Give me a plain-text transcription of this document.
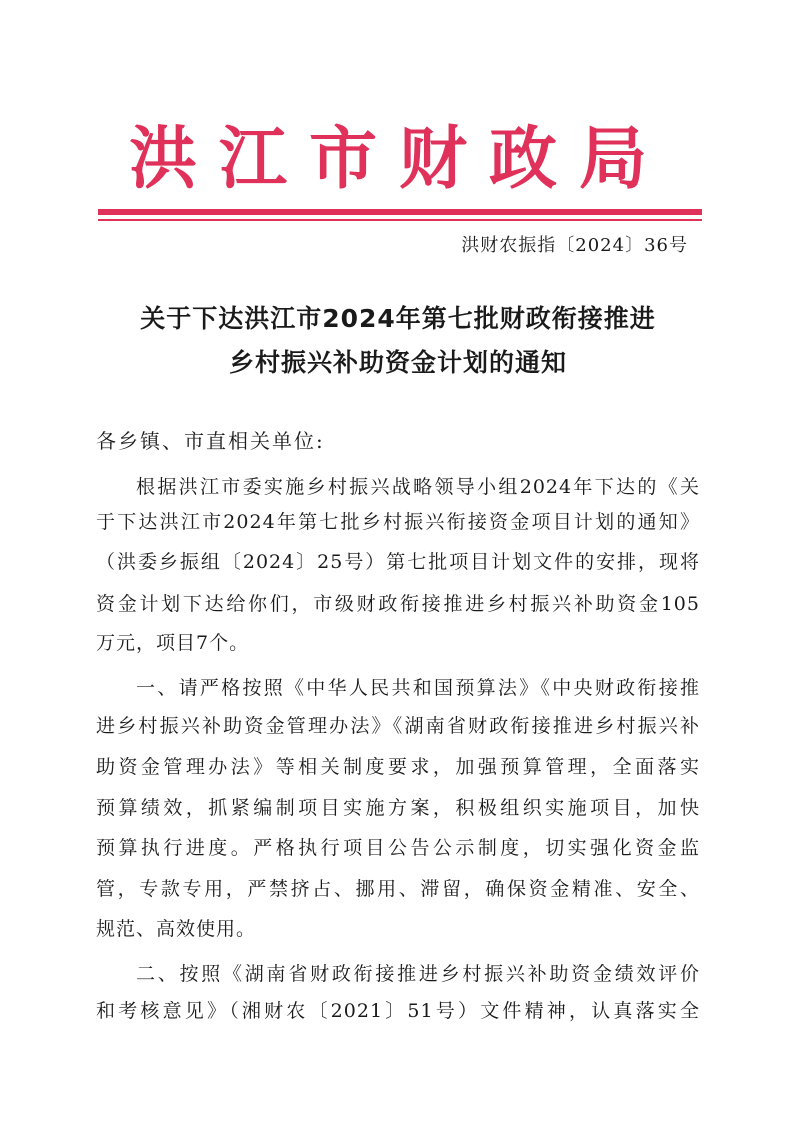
洪江市财政局
洪财农振指〔2024〕36号
关于下达洪江市2024年第七批财政衔接推进
乡村振兴补助资金计划的通知
各乡镇、市直相关单位:
根据洪江市委实施乡村振兴战略领导小组2024年下达的《关
于下达洪江市2024年第七批乡村振兴衔接资金项目计划的通知》
（洪委乡振组〔2024〕25号）第七批项目计划文件的安排，现将
资金计划下达给你们，市级财政衔接推进乡村振兴补助资金105
万元，项目7个。
一、请严格按照《中华人民共和国预算法》《中央财政衔接推
进乡村振兴补助资金管理办法》《湖南省财政衔接推进乡村振兴补
助资金管理办法》等相关制度要求，加强预算管理，全面落实
预算绩效，抓紧编制项目实施方案，积极组织实施项目，加快
预算执行进度。严格执行项目公告公示制度，切实强化资金监
管，专款专用，严禁挤占、挪用、滞留，确保资金精准、安全、
规范、高效使用。
二、按照《湖南省财政衔接推进乡村振兴补助资金绩效评价
和考核意见》（湘财农〔2021〕51号）文件精神，认真落实全
